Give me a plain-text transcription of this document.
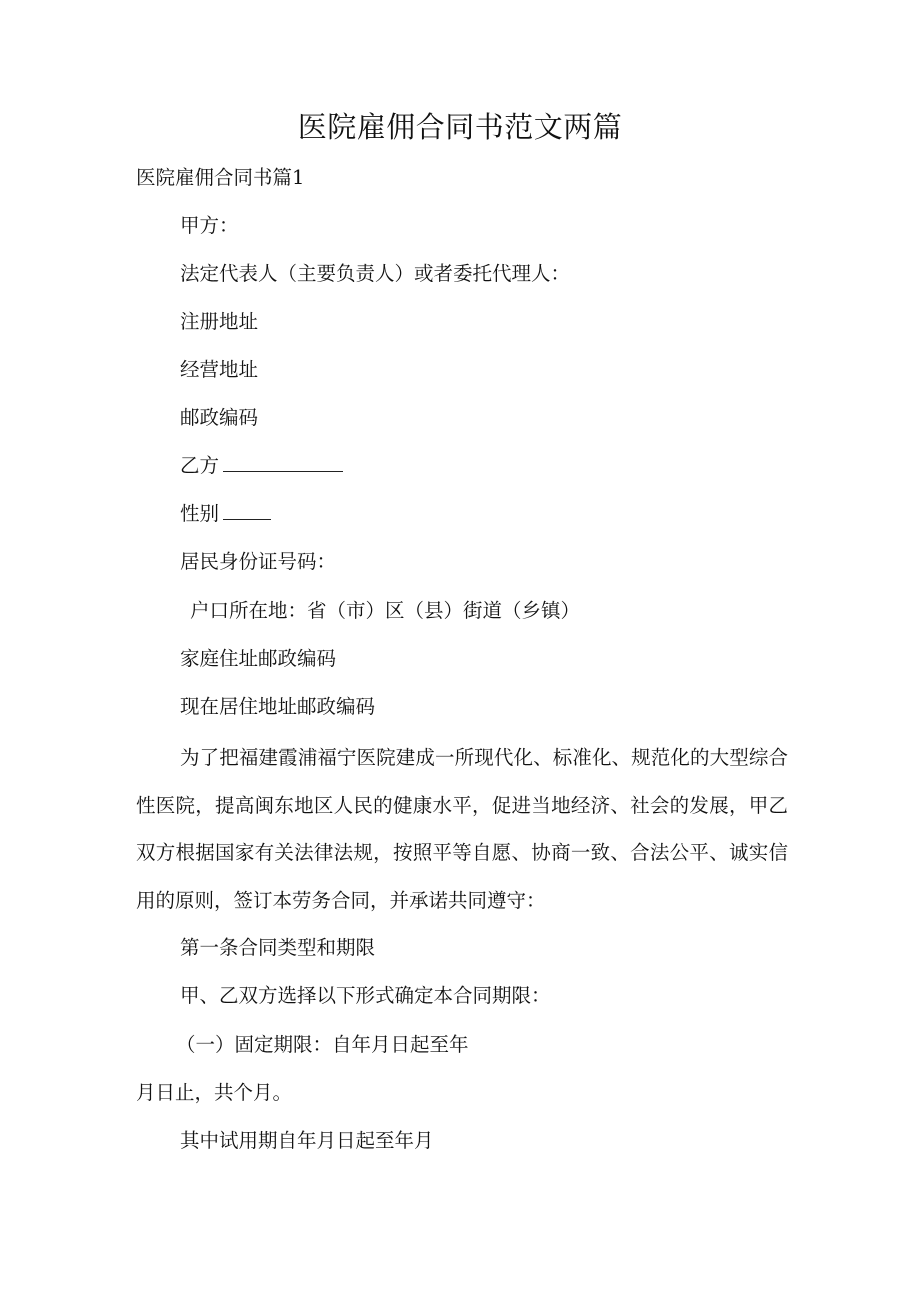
医院雇佣合同书范文两篇
医院雇佣合同书篇1
甲方：
法定代表人（主要负责人）或者委托代理人：
注册地址
经营地址
邮政编码
乙方
性别
居民身份证号码：
户口所在地：省（市）区（县）街道（乡镇）
家庭住址邮政编码
现在居住地址邮政编码
为了把福建霞浦福宁医院建成一所现代化、标准化、规范化的大型综合性医院，提高闽东地区人民的健康水平，促进当地经济、社会的发展，甲乙双方根据国家有关法律法规，按照平等自愿、协商一致、合法公平、诚实信用的原则，签订本劳务合同，并承诺共同遵守：
第一条合同类型和期限
甲、乙双方选择以下形式确定本合同期限：
（一）固定期限：自年月日起至年
月日止，共个月。
其中试用期自年月日起至年月
